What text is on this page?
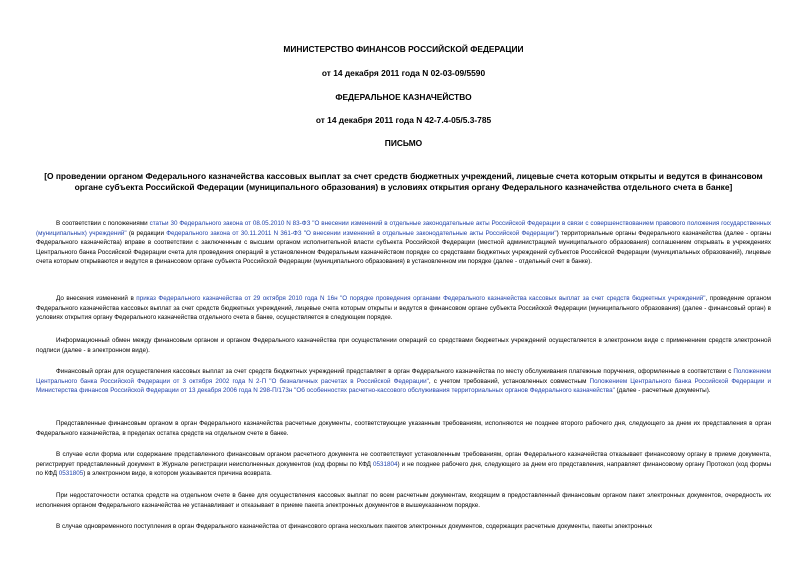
МИНИСТЕРСТВО ФИНАНСОВ РОССИЙСКОЙ ФЕДЕРАЦИИ
от 14 декабря 2011 года N 02-03-09/5590
ФЕДЕРАЛЬНОЕ КАЗНАЧЕЙСТВО
от 14 декабря 2011 года N 42-7.4-05/5.3-785
ПИСЬМО
[О проведении органом Федерального казначейства кассовых выплат за счет средств бюджетных учреждений, лицевые счета которым открыты и ведутся в финансовом органе субъекта Российской Федерации (муниципального образования) в условиях открытия органу Федерального казначейства отдельного счета в банке]
В соответствии с положениями статьи 30 Федерального закона от 08.05.2010 N 83-ФЗ "О внесении изменений в отдельные законодательные акты Российской Федерации в связи с совершенствованием правового положения государственных (муниципальных) учреждений" (в редакции Федерального закона от 30.11.2011 N 361-ФЗ "О внесении изменений в отдельные законодательные акты Российской Федерации") территориальные органы Федерального казначейства (далее - органы Федерального казначейства) вправе в соответствии с заключенным с высшим органом исполнительной власти субъекта Российской Федерации (местной администрацией муниципального образования) соглашением открывать в учреждениях Центрального банка Российской Федерации счета для проведения операций в установленном Федеральным казначейством порядке со средствами бюджетных учреждений субъектов Российской Федерации (муниципальных образований), лицевые счета которым открываются и ведутся в финансовом органе субъекта Российской Федерации (муниципального образования) в установленном им порядке (далее - отдельный счет в банке).
До внесения изменений в приказ Федерального казначейства от 29 октября 2010 года N 16н "О порядке проведения органами Федерального казначейства кассовых выплат за счет средств бюджетных учреждений", проведение органом Федерального казначейства кассовых выплат за счет средств бюджетных учреждений, лицевые счета которым открыты и ведутся в финансовом органе субъекта Российской Федерации (муниципального образования) (далее - финансовый орган) в условиях открытия органу Федерального казначейства отдельного счета в банке, осуществляется в следующем порядке.
Информационный обмен между финансовым органом и органом Федерального казначейства при осуществлении операций со средствами бюджетных учреждений осуществляется в электронном виде с применением средств электронной подписи (далее - в электронном виде).
Финансовый орган для осуществления кассовых выплат за счет средств бюджетных учреждений представляет в орган Федерального казначейства по месту обслуживания платежные поручения, оформленные в соответствии с Положением Центрального банка Российской Федерации от 3 октября 2002 года N 2-П "О безналичных расчетах в Российской Федерации", с учетом требований, установленных совместным Положением Центрального банка Российской Федерации и Министерства финансов Российской Федерации от 13 декабря 2006 года N 298-П/173н "Об особенностях расчетно-кассового обслуживания территориальных органов Федерального казначейства" (далее - расчетные документы).
Представленные финансовым органом в орган Федерального казначейства расчетные документы, соответствующие указанным требованиям, исполняются не позднее второго рабочего дня, следующего за днем их представления в орган Федерального казначейства, в пределах остатка средств на отдельном счете в банке.
В случае если форма или содержание представленного финансовым органом расчетного документа не соответствуют установленным требованиям, орган Федерального казначейства отказывает финансовому органу в приеме документа, регистрирует представленный документ в Журнале регистрации неисполненных документов (код формы по КФД 0531804) и не позднее рабочего дня, следующего за днем его представления, направляет финансовому органу Протокол (код формы по КФД 0531805) в электронном виде, в котором указывается причина возврата.
При недостаточности остатка средств на отдельном счете в банке для осуществления кассовых выплат по всем расчетным документам, входящим в предоставленный финансовым органом пакет электронных документов, очередность их исполнения органом Федерального казначейства не устанавливает и отказывает в приеме пакета электронных документов в вышеуказанном порядке.
В случае одновременного поступления в орган Федерального казначейства от финансового органа нескольких пакетов электронных документов, содержащих расчетные документы, пакеты электронных
